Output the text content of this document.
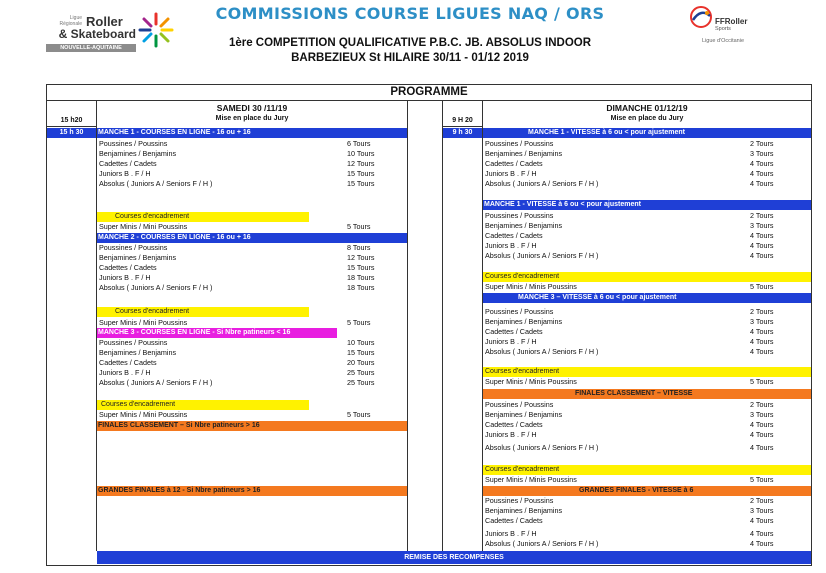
Ligue Régionale Roller
& Skateboard
NOUVELLE-AQUITAINE
COMMISSIONS COURSE LIGUES NAQ / ORS
1ère COMPETITION QUALIFICATIVE P.B.C. JB. ABSOLUS INDOOR
BARBEZIEUX St HILAIRE 30/11 - 01/12 2019
FFRoller
Sports
Ligue d'Occitanie
PROGRAMME
SAMEDI 30 /11/19
Mise en place du Jury
15 h20
15 h 30
DIMANCHE 01/12/19
Mise en place du Jury
9 H 20
9 h 30
MANCHE 1 - COURSES EN LIGNE - 16 ou + 16
Poussines / Poussins	6 Tours
Benjamines / Benjamins	10 Tours
Cadettes / Cadets	12 Tours
Juniors B . F / H	15 Tours
Absolus ( Juniors A / Seniors F / H )	15 Tours
Courses d'encadrement
Super Minis / Mini Poussins	5 Tours
MANCHE 2 - COURSES EN LIGNE - 16 ou + 16
Poussines / Poussins	8 Tours
Benjamines / Benjamins	12 Tours
Cadettes / Cadets	15 Tours
Juniors B . F / H	18 Tours
Absolus ( Juniors A / Seniors F / H )	18 Tours
Courses d'encadrement
Super Minis / Mini Poussins	5 Tours
MANCHE 3 - COURSES EN LIGNE - Si Nbre patineurs < 16
Poussines / Poussins	10 Tours
Benjamines / Benjamins	15 Tours
Cadettes / Cadets	20 Tours
Juniors B . F / H	25 Tours
Absolus ( Juniors A / Seniors F / H )	25 Tours
Courses d'encadrement
Super Minis / Mini Poussins	5 Tours
FINALES CLASSEMENT – Si Nbre patineurs > 16
GRANDES FINALES à 12 - Si Nbre patineurs > 16
MANCHE 1 - VITESSE à 6 ou < pour ajustement
Poussines / Poussins	2 Tours
Benjamines / Benjamins	3 Tours
Cadettes / Cadets	4 Tours
Juniors B . F / H	4 Tours
Absolus ( Juniors A / Seniors F / H )	4 Tours
MANCHE 1 - VITESSE à 6 ou < pour ajustement
Poussines / Poussins	2 Tours
Benjamines / Benjamins	3 Tours
Cadettes / Cadets	4 Tours
Juniors B . F / H	4 Tours
Absolus ( Juniors A / Seniors F / H )	4 Tours
Courses d'encadrement
Super Minis / Minis Poussins	5 Tours
MANCHE 3 – VITESSE à 6 ou < pour ajustement
Poussines / Poussins	2 Tours
Benjamines / Benjamins	3 Tours
Cadettes / Cadets	4 Tours
Juniors B . F / H	4 Tours
Absolus ( Juniors A / Seniors F / H )	4 Tours
Courses d'encadrement
Super Minis / Minis Poussins	5 Tours
FINALES CLASSEMENT – VITESSE
Poussines / Poussins	2 Tours
Benjamines / Benjamins	3 Tours
Cadettes / Cadets	4 Tours
Juniors B . F / H	4 Tours
Absolus ( Juniors A / Seniors F / H )	4 Tours
Courses d'encadrement
Super Minis / Minis Poussins	5 Tours
GRANDES FINALES - VITESSE à 6
Poussines / Poussins	2 Tours
Benjamines / Benjamins	3 Tours
Cadettes / Cadets	4 Tours
Juniors B . F / H	4 Tours
Absolus ( Juniors A / Seniors F / H )	4 Tours
REMISE DES RECOMPENSES
